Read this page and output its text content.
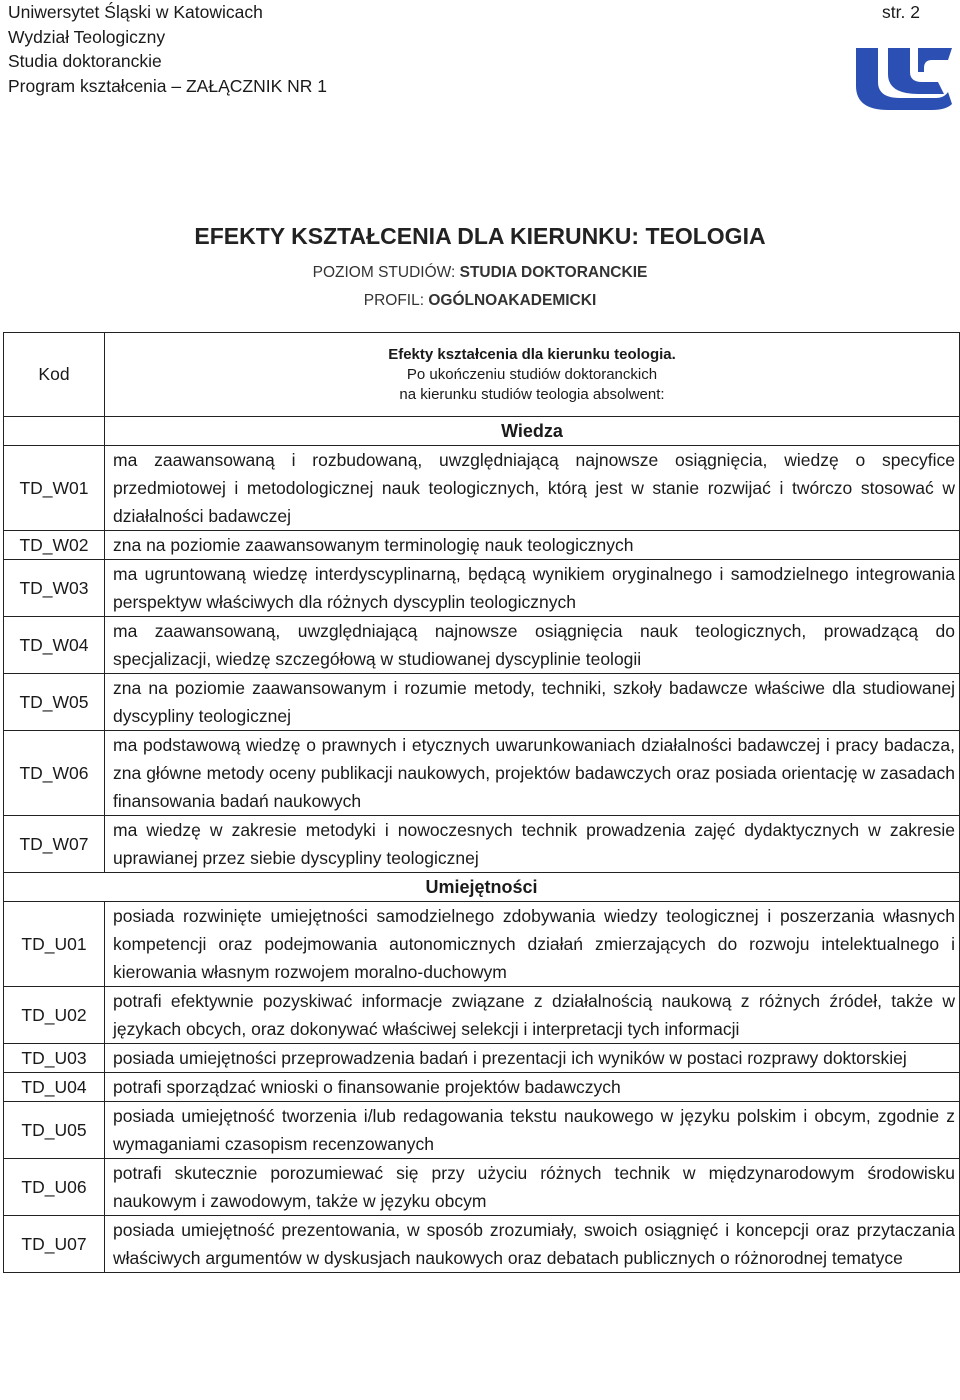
Uniwersytet Śląski w Katowicach
Wydział Teologiczny
Studia doktoranckie
Program kształcenia – ZAŁĄCZNIK NR 1
str. 2
EFEKTY KSZTAŁCENIA DLA KIERUNKU: TEOLOGIA
POZIOM STUDIÓW: STUDIA DOKTORANCKIE
PROFIL: OGÓLNOAKADEMICKI
Kod	Efekty kształcenia dla kierunku teologia.
Po ukończeniu studiów doktoranckich
na kierunku studiów teologia absolwent:

	Wiedza
TD_W01	ma zaawansowaną i rozbudowaną, uwzględniającą najnowsze osiągnięcia, wiedzę o specyfice przedmiotowej i metodologicznej nauk teologicznych, którą jest w stanie rozwijać i twórczo stosować w działalności badawczej
TD_W02	zna na poziomie zaawansowanym terminologię nauk teologicznych
TD_W03	ma ugruntowaną wiedzę interdyscyplinarną, będącą wynikiem oryginalnego i samodzielnego integrowania perspektyw właściwych dla różnych dyscyplin teologicznych
TD_W04	ma zaawansowaną, uwzględniającą najnowsze osiągnięcia nauk teologicznych, prowadzącą do specjalizacji, wiedzę szczegółową w studiowanej dyscyplinie teologii
TD_W05	zna na poziomie zaawansowanym i rozumie metody, techniki, szkoły badawcze właściwe dla studiowanej dyscypliny teologicznej
TD_W06	ma podstawową wiedzę o prawnych i etycznych uwarunkowaniach działalności badawczej i pracy badacza, zna główne metody oceny publikacji naukowych, projektów badawczych oraz posiada orientację w zasadach finansowania badań naukowych
TD_W07	ma wiedzę w zakresie metodyki i nowoczesnych technik prowadzenia zajęć dydaktycznych w zakresie uprawianej przez siebie dyscypliny teologicznej
Umiejętności	
TD_U01	posiada rozwinięte umiejętności samodzielnego zdobywania wiedzy teologicznej i poszerzania własnych kompetencji oraz podejmowania autonomicznych działań zmierzających do rozwoju intelektualnego i kierowania własnym rozwojem moralno-duchowym
TD_U02	potrafi efektywnie pozyskiwać informacje związane z działalnością naukową z różnych źródeł, także w językach obcych, oraz dokonywać właściwej selekcji i interpretacji tych informacji
TD_U03	posiada umiejętności przeprowadzenia badań i prezentacji ich wyników w postaci rozprawy doktorskiej
TD_U04	potrafi sporządzać wnioski o finansowanie projektów badawczych
TD_U05	posiada umiejętność tworzenia i/lub redagowania tekstu naukowego w języku polskim i obcym, zgodnie z wymaganiami czasopism recenzowanych
TD_U06	potrafi skutecznie porozumiewać się przy użyciu różnych technik w międzynarodowym środowisku naukowym i zawodowym, także w języku obcym
TD_U07	posiada umiejętność prezentowania, w sposób zrozumiały, swoich osiągnięć i koncepcji oraz przytaczania właściwych argumentów w dyskusjach naukowych oraz debatach publicznych o różnorodnej tematyce
